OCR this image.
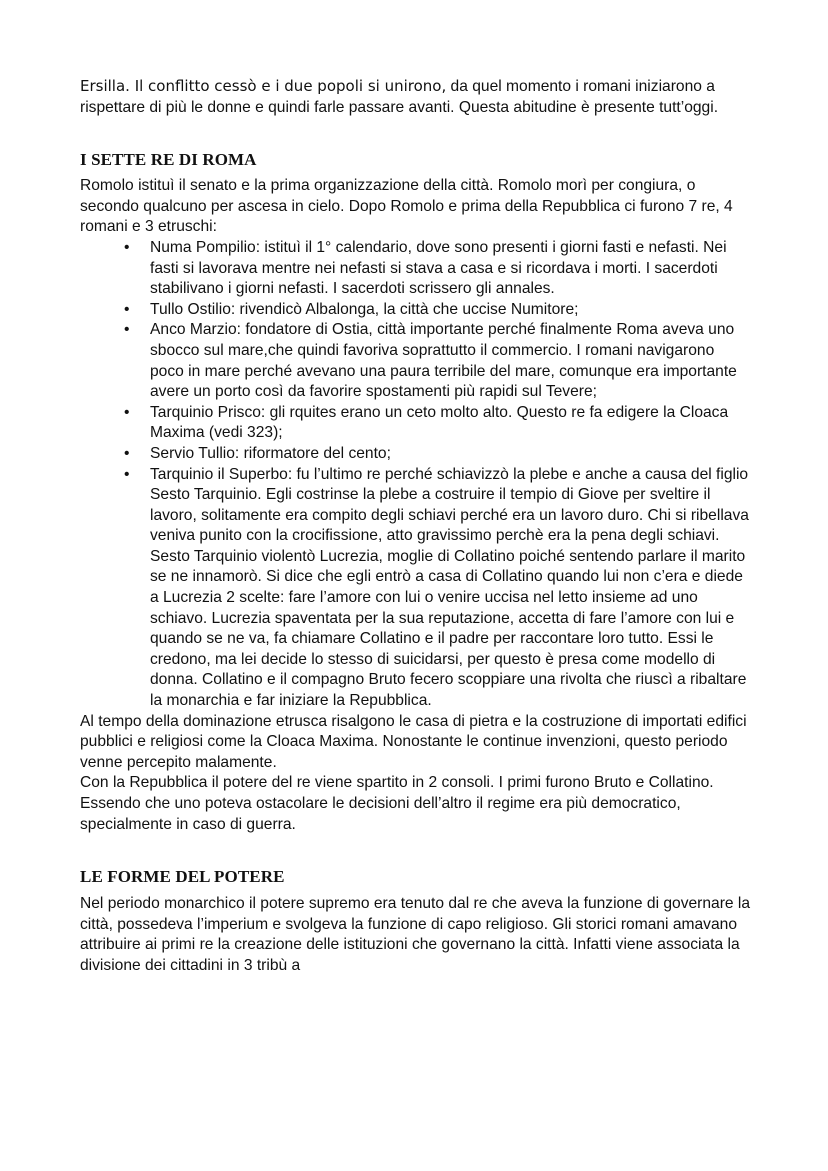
Ersilla. Il conflitto cessò e i due popoli si unirono, da quel momento i romani iniziarono a rispettare di più le donne e quindi farle passare avanti. Questa abitudine è presente tutt’oggi.

I SETTE RE DI ROMA

Romolo istituì il senato e la prima organizzazione della città. Romolo morì per congiura, o secondo qualcuno per ascesa in cielo. Dopo Romolo e prima della Repubblica ci furono 7 re, 4 romani e 3 etruschi:

• Numa Pompilio: istituì il 1° calendario, dove sono presenti i giorni fasti e nefasti. Nei fasti si lavorava mentre nei nefasti si stava a casa e si ricordava i morti. I sacerdoti stabilivano i giorni nefasti. I sacerdoti scrissero gli annales.
• Tullo Ostilio: rivendicò Albalonga, la città che uccise Numitore;
• Anco Marzio: fondatore di Ostia, città importante perché finalmente Roma aveva uno sbocco sul mare,che quindi favoriva soprattutto il commercio. I romani navigarono poco in mare perché avevano una paura terribile del mare, comunque era importante avere un porto così da favorire spostamenti più rapidi sul Tevere;
• Tarquinio Prisco: gli rquites erano un ceto molto alto. Questo re fa edigere la Cloaca Maxima (vedi 323);
• Servio Tullio: riformatore del cento;
• Tarquinio il Superbo: fu l’ultimo re perché schiavizzò la plebe e anche a causa del figlio Sesto Tarquinio. Egli costrinse la plebe a costruire il tempio di Giove per sveltire il lavoro, solitamente era compito degli schiavi perché era un lavoro duro. Chi si ribellava veniva punito con la crocifissione, atto gravissimo perchè era la pena degli schiavi. Sesto Tarquinio violentò Lucrezia, moglie di Collatino poiché sentendo parlare il marito se ne innamorò. Si dice che egli entrò a casa di Collatino quando lui non c’era e diede a Lucrezia 2 scelte: fare l’amore con lui o venire uccisa nel letto insieme ad uno schiavo. Lucrezia spaventata per la sua reputazione, accetta di fare l’amore con lui e quando se ne va, fa chiamare Collatino e il padre per raccontare loro tutto. Essi le credono, ma lei decide lo stesso di suicidarsi, per questo è presa come modello di donna. Collatino e il compagno Bruto fecero scoppiare una rivolta che riuscì a ribaltare la monarchia e far iniziare la Repubblica.

Al tempo della dominazione etrusca risalgono le casa di pietra e la costruzione di importati edifici pubblici e religiosi come la Cloaca Maxima. Nonostante le continue invenzioni, questo periodo venne percepito malamente.

Con la Repubblica il potere del re viene spartito in 2 consoli. I primi furono Bruto e Collatino. Essendo che uno poteva ostacolare le decisioni dell’altro il regime era più democratico, specialmente in caso di guerra.

LE FORME DEL POTERE

Nel periodo monarchico il potere supremo era tenuto dal re che aveva la funzione di governare la città, possedeva l’imperium e svolgeva la funzione di capo religioso. Gli storici romani amavano attribuire ai primi re la creazione delle istituzioni che governano la città. Infatti viene associata la divisione dei cittadini in 3 tribù a
